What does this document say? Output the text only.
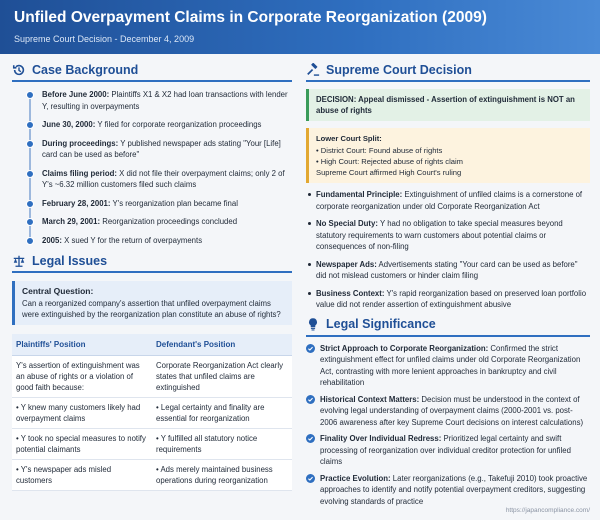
Unfiled Overpayment Claims in Corporate Reorganization (2009)
Supreme Court Decision - December 4, 2009
Case Background
Before June 2000: Plaintiffs X1 & X2 had loan transactions with lender Y, resulting in overpayments
June 30, 2000: Y filed for corporate reorganization proceedings
During proceedings: Y published newspaper ads stating "Your [Life] card can be used as before"
Claims filing period: X did not file their overpayment claims; only 2 of Y's ~6.32 million customers filed such claims
February 28, 2001: Y's reorganization plan became final
March 29, 2001: Reorganization proceedings concluded
2005: X sued Y for the return of overpayments
Legal Issues
Central Question:
Can a reorganized company's assertion that unfiled overpayment claims were extinguished by the reorganization plan constitute an abuse of rights?
Plaintiffs' Position	Defendant's Position
Y's assertion of extinguishment was an abuse of rights or a violation of good faith because:	Corporate Reorganization Act clearly states that unfiled claims are extinguished
• Y knew many customers likely had overpayment claims	• Legal certainty and finality are essential for reorganization
• Y took no special measures to notify potential claimants	• Y fulfilled all statutory notice requirements
• Y's newspaper ads misled customers	• Ads merely maintained business operations during reorganization
Supreme Court Decision
DECISION: Appeal dismissed - Assertion of extinguishment is NOT an abuse of rights
Lower Court Split:
• District Court: Found abuse of rights
• High Court: Rejected abuse of rights claim
Supreme Court affirmed High Court's ruling
Fundamental Principle: Extinguishment of unfiled claims is a cornerstone of corporate reorganization under old Corporate Reorganization Act
No Special Duty: Y had no obligation to take special measures beyond statutory requirements to warn customers about potential claims or consequences of non-filing
Newspaper Ads: Advertisements stating "Your card can be used as before" did not mislead customers or hinder claim filing
Business Context: Y's rapid reorganization based on preserved loan portfolio value did not render assertion of extinguishment abusive
Legal Significance
Strict Approach to Corporate Reorganization: Confirmed the strict extinguishment effect for unfiled claims under old Corporate Reorganization Act, contrasting with more lenient approaches in bankruptcy and civil rehabilitation
Historical Context Matters: Decision must be understood in the context of evolving legal understanding of overpayment claims (2000-2001 vs. post-2006 awareness after key Supreme Court decisions on interest calculations)
Finality Over Individual Redress: Prioritized legal certainty and swift processing of reorganization over individual creditor protection for unfiled claims
Practice Evolution: Later reorganizations (e.g., Takefuji 2010) took proactive approaches to identify and notify potential overpayment creditors, suggesting evolving standards of practice
https://japancompliance.com/
